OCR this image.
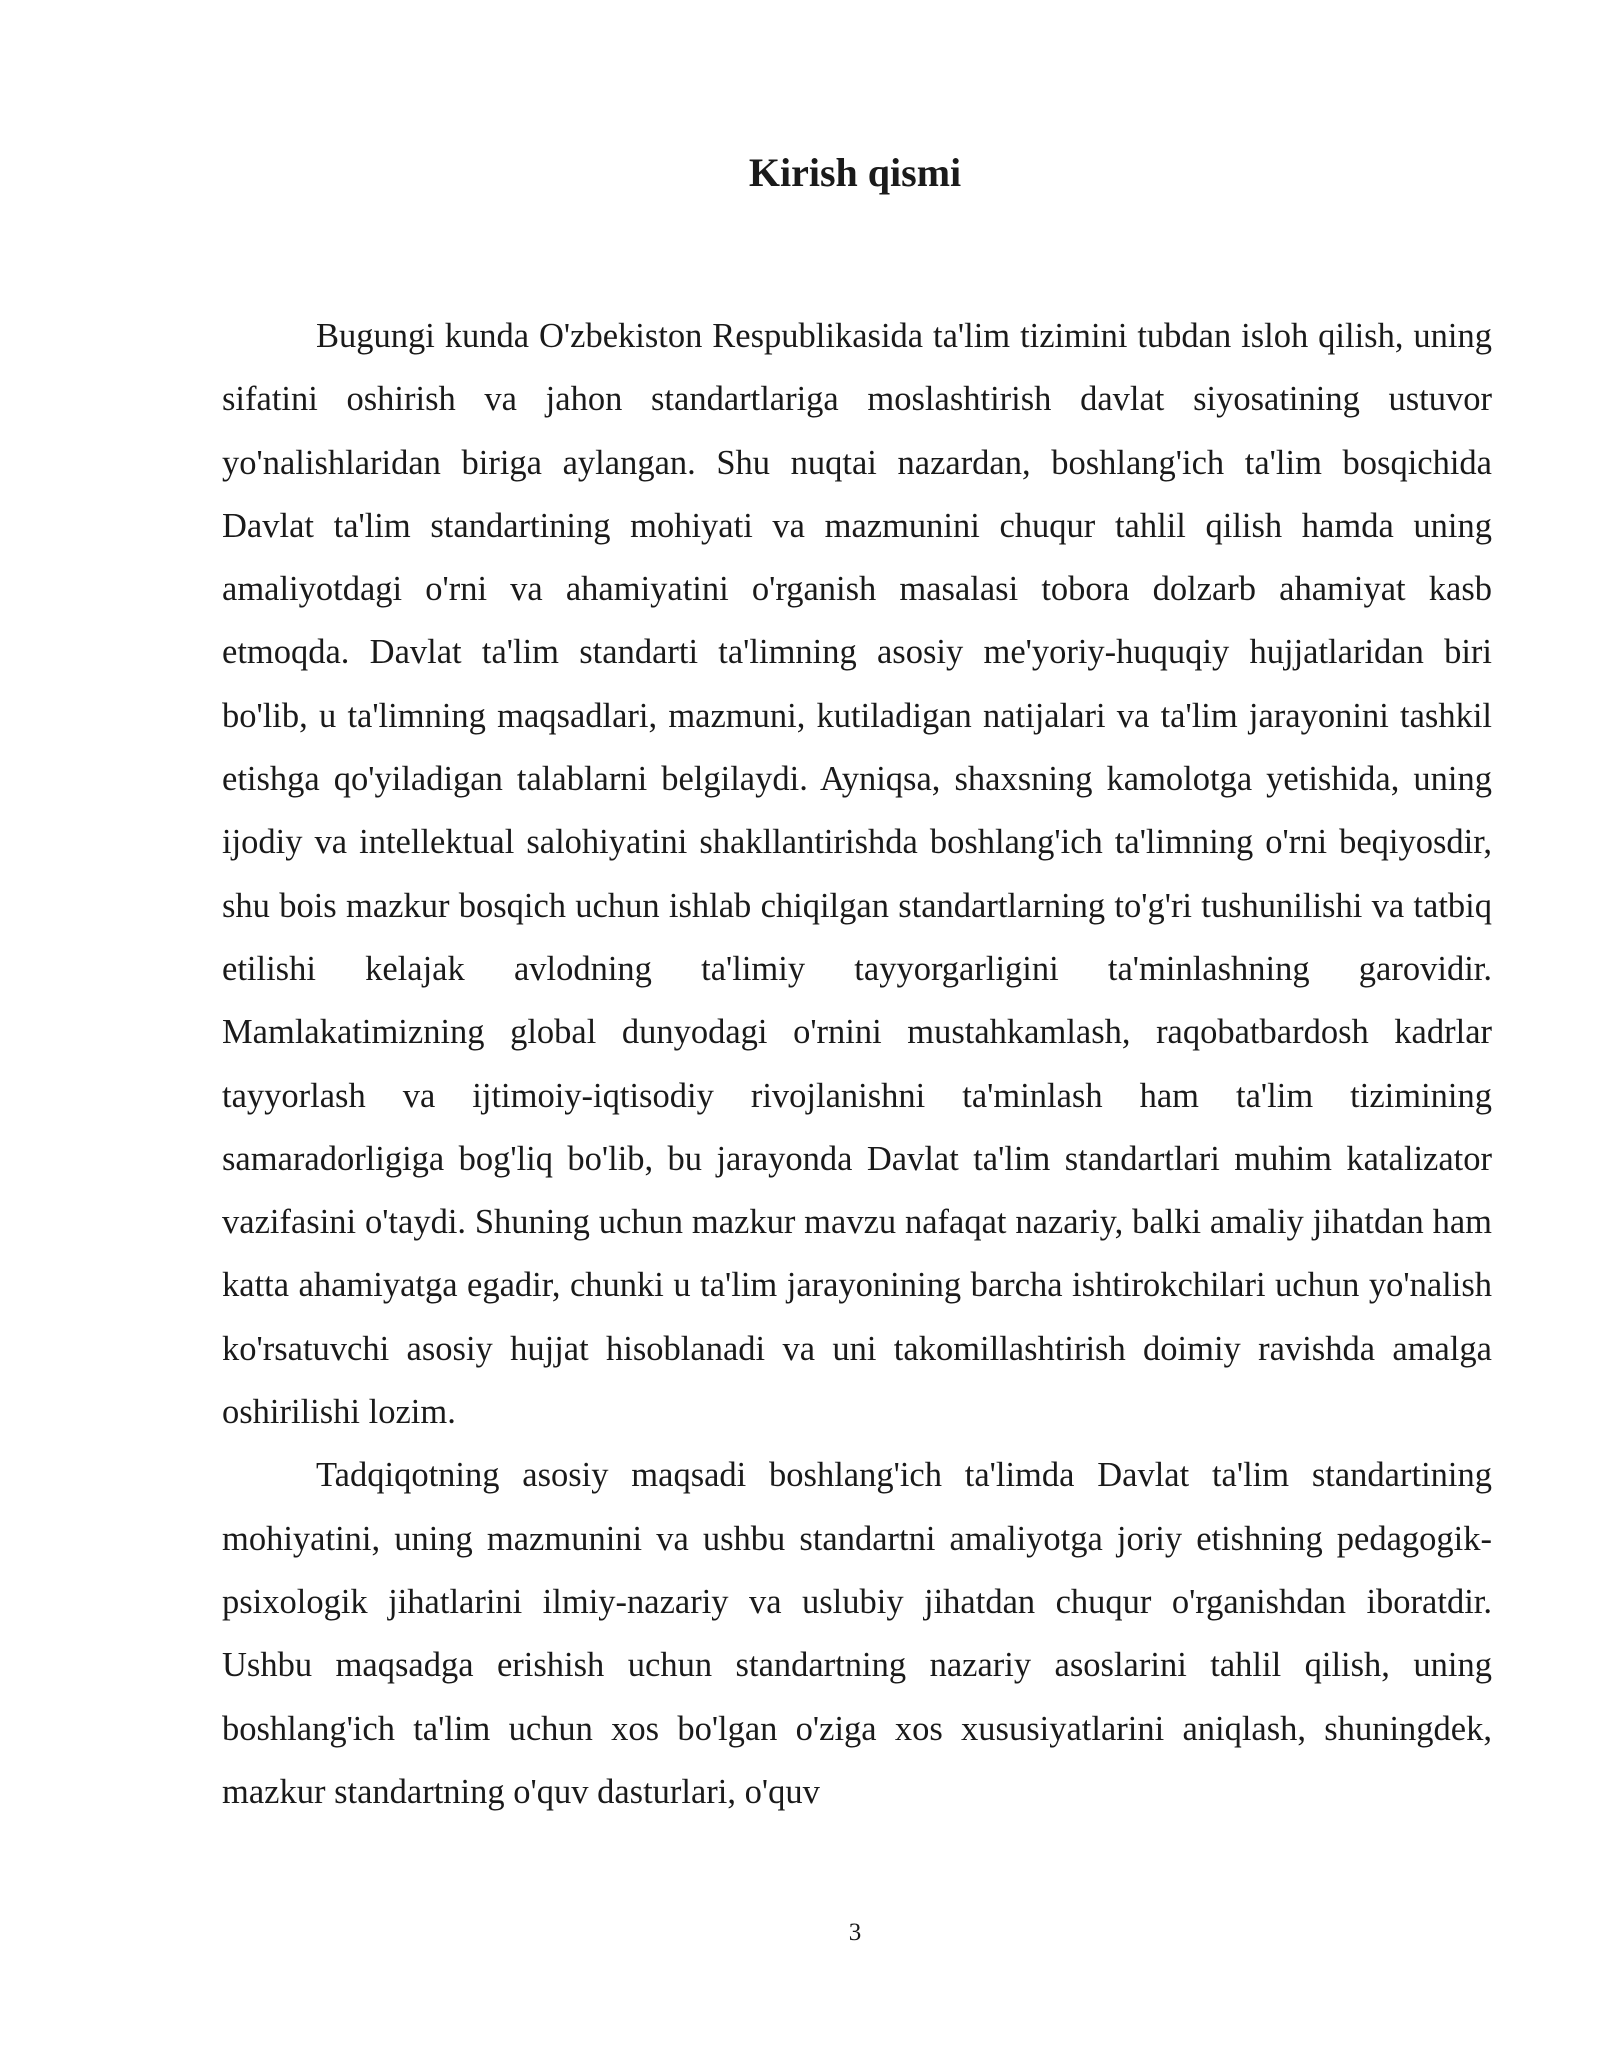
Kirish qismi

Bugungi kunda O'zbekiston Respublikasida ta'lim tizimini tubdan isloh qilish, uning sifatini oshirish va jahon standartlariga moslashtirish davlat siyosatining ustuvor yo'nalishlaridan biriga aylangan. Shu nuqtai nazardan, boshlang'ich ta'lim bosqichida Davlat ta'lim standartining mohiyati va mazmunini chuqur tahlil qilish hamda uning amaliyotdagi o'rni va ahamiyatini o'rganish masalasi tobora dolzarb ahamiyat kasb etmoqda. Davlat ta'lim standarti ta'limning asosiy me'yoriy-huquqiy hujjatlaridan biri bo'lib, u ta'limning maqsadlari, mazmuni, kutiladigan natijalari va ta'lim jarayonini tashkil etishga qo'yiladigan talablarni belgilaydi. Ayniqsa, shaxsning kamolotga yetishida, uning ijodiy va intellektual salohiyatini shakllantirishda boshlang'ich ta'limning o'rni beqiyosdir, shu bois mazkur bosqich uchun ishlab chiqilgan standartlarning to'g'ri tushunilishi va tatbiq etilishi kelajak avlodning ta'limiy tayyorgarligini ta'minlashning garovidir. Mamlakatimizning global dunyodagi o'rnini mustahkamlash, raqobatbardosh kadrlar tayyorlash va ijtimoiy-iqtisodiy rivojlanishni ta'minlash ham ta'lim tizimining samaradorligiga bog'liq bo'lib, bu jarayonda Davlat ta'lim standartlari muhim katalizator vazifasini o'taydi. Shuning uchun mazkur mavzu nafaqat nazariy, balki amaliy jihatdan ham katta ahamiyatga egadir, chunki u ta'lim jarayonining barcha ishtirokchilari uchun yo'nalish ko'rsatuvchi asosiy hujjat hisoblanadi va uni takomillashtirish doimiy ravishda amalga oshirilishi lozim.

Tadqiqotning asosiy maqsadi boshlang'ich ta'limda Davlat ta'lim standartining mohiyatini, uning mazmunini va ushbu standartni amaliyotga joriy etishning pedagogik-psixologik jihatlarini ilmiy-nazariy va uslubiy jihatdan chuqur o'rganishdan iboratdir. Ushbu maqsadga erishish uchun standartning nazariy asoslarini tahlil qilish, uning boshlang'ich ta'lim uchun xos bo'lgan o'ziga xos xususiyatlarini aniqlash, shuningdek, mazkur standartning o'quv dasturlari, o'quv

3
